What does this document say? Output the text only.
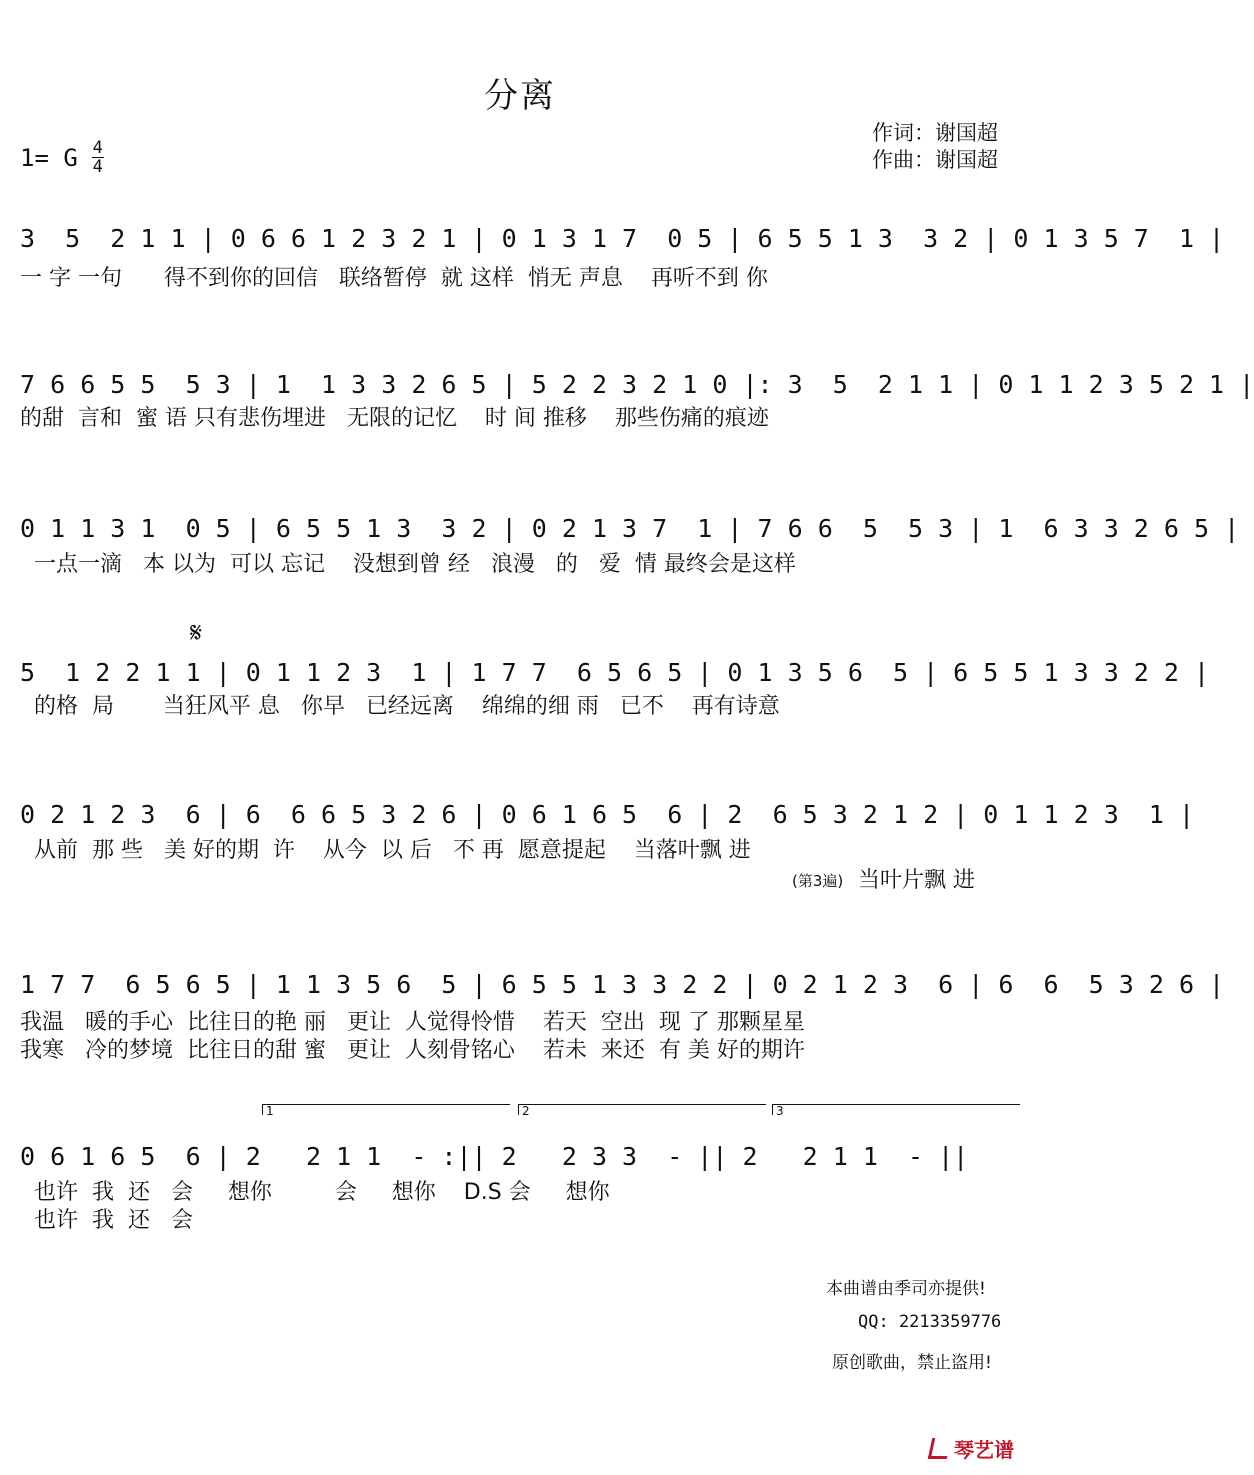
分离
1= G $\frac{4}{4}$
作词：谢国超
作曲：谢国超
3  5  2 1 1 | 0 6 6 1 2 3 2 1 | 0 1 3 1 7  0 5 | 6 5 5 1 3  3 2 | 0 1 3 5 7  1 |
一 字 一句      得不到你的回信   联络暂停  就 这样  悄无 声息    再听不到 你
7 6 6 5 5  5 3 | 1  1 3 3 2 6 5 | 5 2 2 3 2 1 0 |: 3  5  2 1 1 | 0 1 1 2 3 5 2 1 |
的甜  言和  蜜 语 只有悲伤埋进   无限的记忆    时 间 推移    那些伤痛的痕迹
0 1 1 3 1  0 5 | 6 5 5 1 3  3 2 | 0 2 1 3 7  1 | 7 6 6  5  5 3 | 1  6 3 3 2 6 5 |
一点一滴   本 以为  可以 忘记    没想到曾 经   浪漫   的   爱  情 最终会是这样
𝄋
5  1 2 2 1 1 | 0 1 1 2 3  1 | 1 7 7  6 5 6 5 | 0 1 3 5 6  5 | 6 5 5 1 3 3 2 2 |
的格  局       当狂风平 息   你早   已经远离    绵绵的细 雨   已不    再有诗意
0 2 1 2 3  6 | 6  6 6 5 3 2 6 | 0 6 1 6 5  6 | 2  6 5 3 2 1 2 | 0 1 1 2 3  1 |
从前  那 些   美 好的期  许    从今  以 后   不 再  愿意提起    当落叶飘 进
(第3遍) 当叶片飘 进
1 7 7  6 5 6 5 | 1 1 3 5 6  5 | 6 5 5 1 3 3 2 2 | 0 2 1 2 3  6 | 6  6  5 3 2 6 |
我温   暖的手心  比往日的艳 丽   更让  人觉得怜惜    若天  空出  现 了 那颗星星
我寒   冷的梦境  比往日的甜 蜜   更让  人刻骨铭心    若未  来还  有 美 好的期许
1	2	3
0 6 1 6 5  6 | 2   2 1 1  - :|| 2   2 3 3  - || 2   2 1 1  - ||
也许  我  还   会     想你         会     想你    D.S 会     想你
也许  我  还   会
本曲谱由季司亦提供!
QQ: 2213359776
原创歌曲，禁止盗用!
琴艺谱
